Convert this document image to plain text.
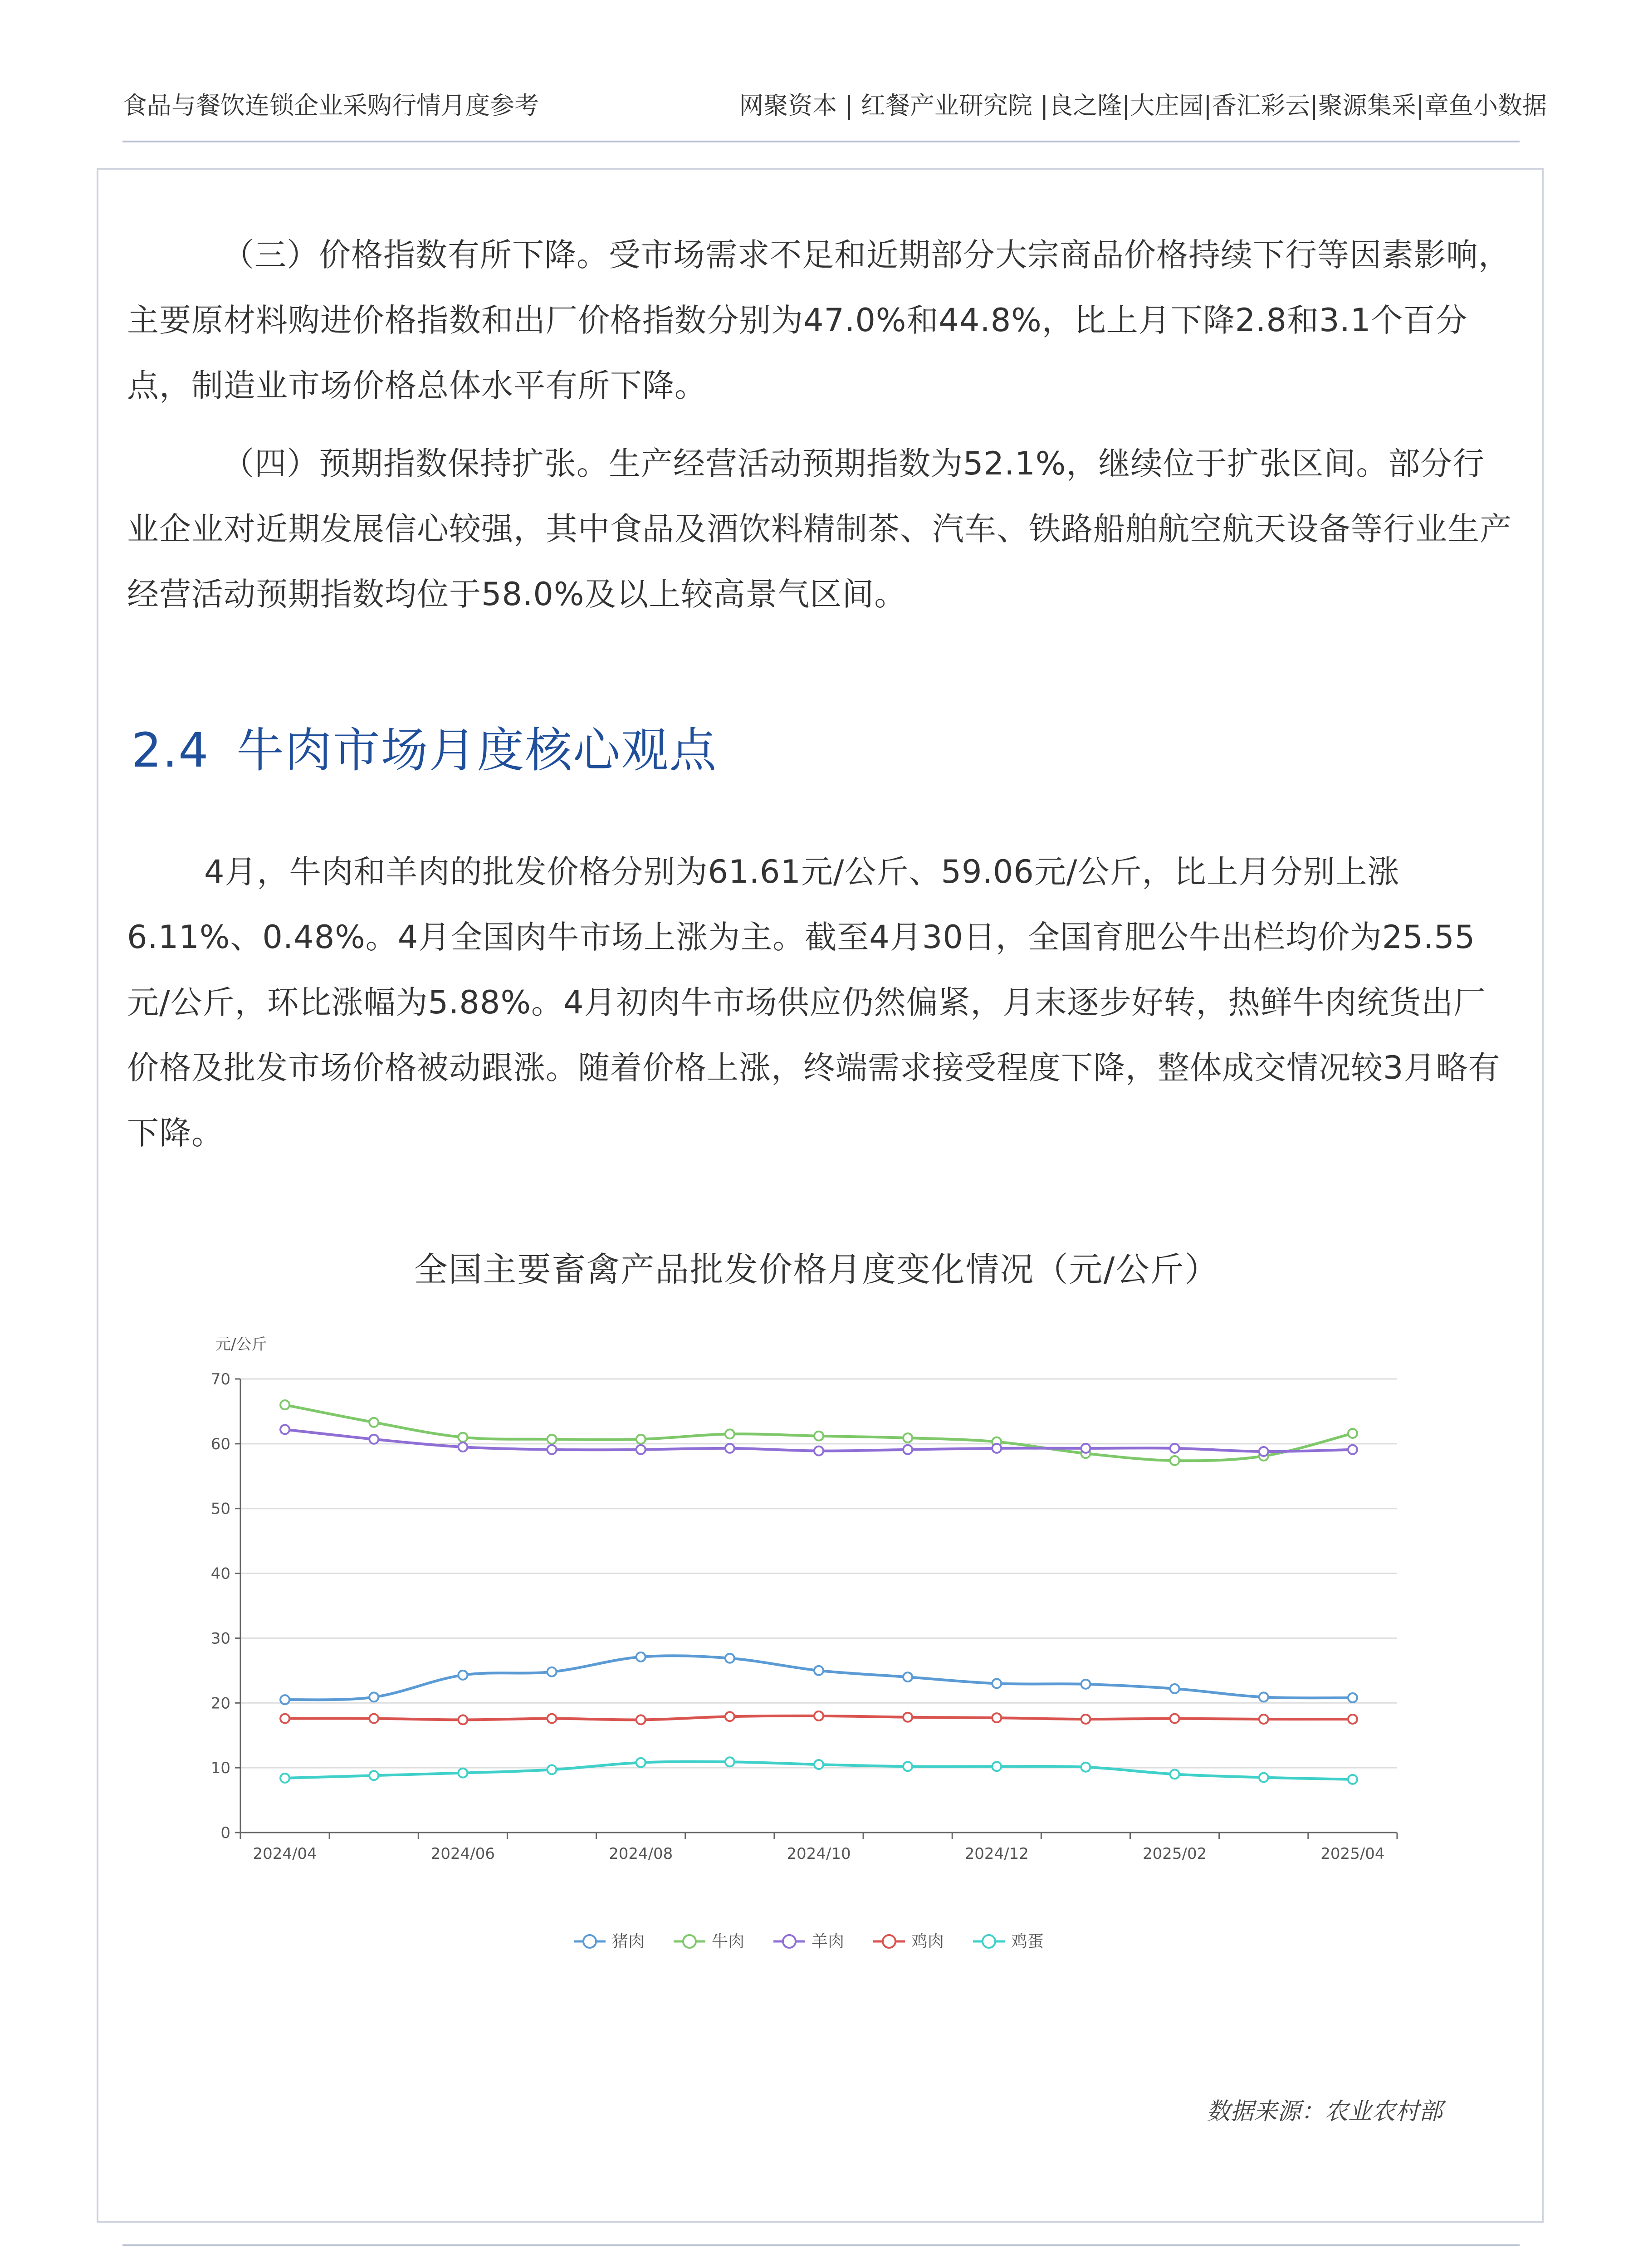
食品与餐饮连锁企业采购行情月度参考	网聚资本 | 红餐产业研究院 |良之隆|大庄园|香汇彩云|聚源集采|章鱼小数据
（三）价格指数有所下降。受市场需求不足和近期部分大宗商品价格持续下行等因素影响，主要原材料购进价格指数和出厂价格指数分别为47.0%和44.8%，比上月下降2.8和3.1个百分点，制造业市场价格总体水平有所下降。
（四）预期指数保持扩张。生产经营活动预期指数为52.1%，继续位于扩张区间。部分行业企业对近期发展信心较强，其中食品及酒饮料精制茶、汽车、铁路船舶航空航天设备等行业生产经营活动预期指数均位于58.0%及以上较高景气区间。
2.4 牛肉市场月度核心观点
4月，牛肉和羊肉的批发价格分别为61.61元/公斤、59.06元/公斤，比上月分别上涨6.11%、0.48%。4月全国肉牛市场上涨为主。截至4月30日，全国育肥公牛出栏均价为25.55元/公斤，环比涨幅为5.88%。4月初肉牛市场供应仍然偏紧，月末逐步好转，热鲜牛肉统货出厂价格及批发市场价格被动跟涨。随着价格上涨，终端需求接受程度下降，整体成交情况较3月略有下降。
全国主要畜禽产品批发价格月度变化情况（元/公斤）
元/公斤
0
10
20
30
40
50
60
70
2024/04	2024/06	2024/08	2024/10	2024/12	2025/02	2025/04
猪肉	牛肉	羊肉	鸡肉	鸡蛋
数据来源：农业农村部
